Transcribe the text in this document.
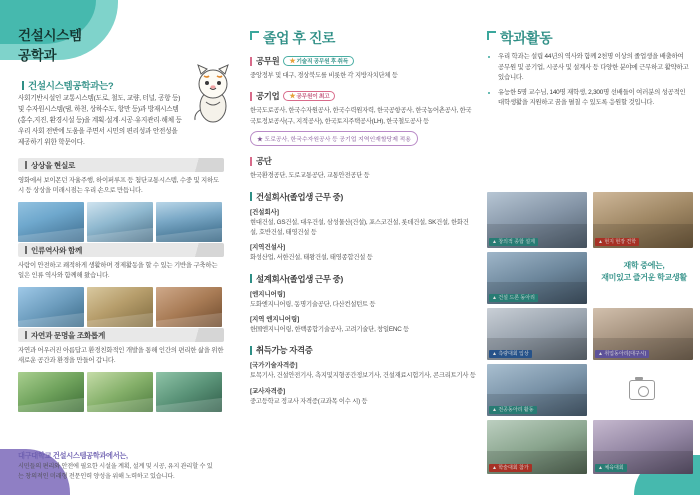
건설시스템
공학과
건설시스템공학과는?
사회기반시설인 교통시스템(도로, 철도, 교량, 터널, 공항 등)및 수자원시스템(댐, 하천, 상하수도, 항만 등)과 방재시스템(홍수,지진, 환경시설 등)을 계획·설계·시공·유지관리·해체 등 우리 사회 전반에 도움을 주면서 시민의 편리성과 안전성을 제공하기 위한 학문이다.
상상을 현실로
영화에서 보이몬던 자율주행, 하이퍼루프 등 첨단교통시스템, 수중 및 지하도시 등 상상을 미래시점는 우리 손으로 만듭니다.
인류역사와 함께
사람이 안전하고 쾌적하게 생활하며 경제활동을 할 수 있는 기반을 구축하는 일은 인류 역사와 함께해 왔습니다.
자연과 문명을 조화롭게
자연과 어우러진 아름답고 환경친화적인 개발을 통해 인간의 편리한 삶을 위한 새로운 공간과 환경을 만들어 갑니다.
대구대학교 건설시스템공학과에서는,
시민들의 편리와 안전에 필요한 시설을 계획, 설계 및 시공, 유지 관리할 수 있는 창의적인 미래형 전문인력 양성을 위해 노력하고 있습니다.
졸업 후 진로
공무원	★기술직 공무원 후 취득
중앙정부 및 대구, 경상북도를 비롯한 각 지방자치단체 등
공기업	★공무원이 최고
한국도로공사, 한국수자원공사, 한국수력원자력, 한국공항공사, 한국농어촌공사, 한국국토정보공사(구, 지적공사), 한국토지주택공사(LH), 한국철도공사 등
★ 도로공사, 한국수자원공사 등 공기업 지역인재할당제 적용
공단
한국환경공단, 도로교통공단, 교통안전공단 등
건설회사(졸업생 근무 중)
[건설회사]
현대건설, GS건설, 대우건설, 삼성물산(건설), 포스코건설, 롯데건설, SK건설, 한화건설, 호반건설, 태영건설 등
[지역건설사]
화성산업, 서한건설, 태왕건설, 태영종합건설 등
설계회사(졸업생 근무 중)
[엔지니어링]
도화엔지니어링, 동명기술공단, 다산컨설턴트 등
[지역 엔지니어링]
한国엔지니어링, 한백종합기술공사, 고려기술단, 창일ENC 등
취득가능 자격증
[국가기술자격증]
토목기사, 건설안전기사, 측지및지형공간정보기사, 건설재료시험기사, 콘크리트기사 등
[교사자격증]
중고등학교 정교사 자격증(교과목 이수 시) 등
학과활동
• 우리 학과는 설립 44년의 역사와 함께 2천명 이상의 졸업생을 배출하여 공무원 및 공기업, 시공사 및 설계사 등 다양한 분야에 근무하고 활약하고 있습니다.
• 유능한 5명 교수님, 140명 재학생, 2,300명 선배들이 여러분의 성공적인 대학생활을 지원하고 꿈을 펼칠 수 있도록 응원할 것입니다.
▲ 창의적 종합 설계	▲ 현지 현장 견학
▲ 건설 드론 동아리
재학 중에는,
재미있고 즐거운 학교생활
▲ 측량대회 입상	▲ 취업동아리(대구시)
▲ 전공동아리 활동
▲ 학술대회 참가	▲ 체육대회
